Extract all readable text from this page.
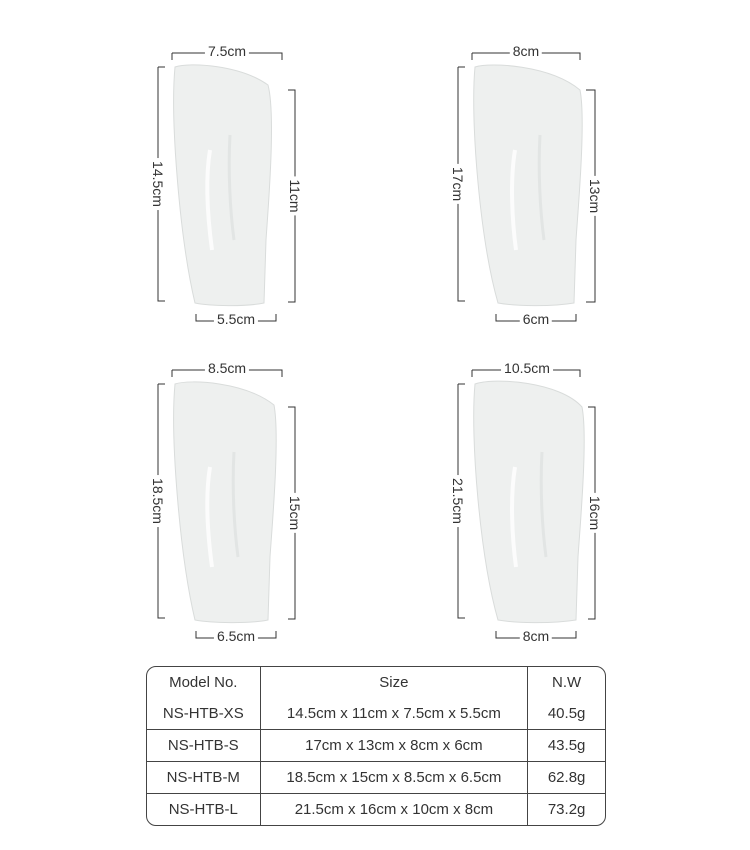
7.5cm
14.5cm	11cm
5.5cm
8cm
17cm	13cm
6cm
8.5cm
18.5cm	15cm
6.5cm
10.5cm
21.5cm	16cm
8cm
Model No.	Size	N.W
NS-HTB-XS	14.5cm x 11cm x 7.5cm x 5.5cm	40.5g
NS-HTB-S	17cm x 13cm x 8cm x 6cm	43.5g
NS-HTB-M	18.5cm x 15cm x 8.5cm x 6.5cm	62.8g
NS-HTB-L	21.5cm x 16cm x 10cm x 8cm	73.2g
